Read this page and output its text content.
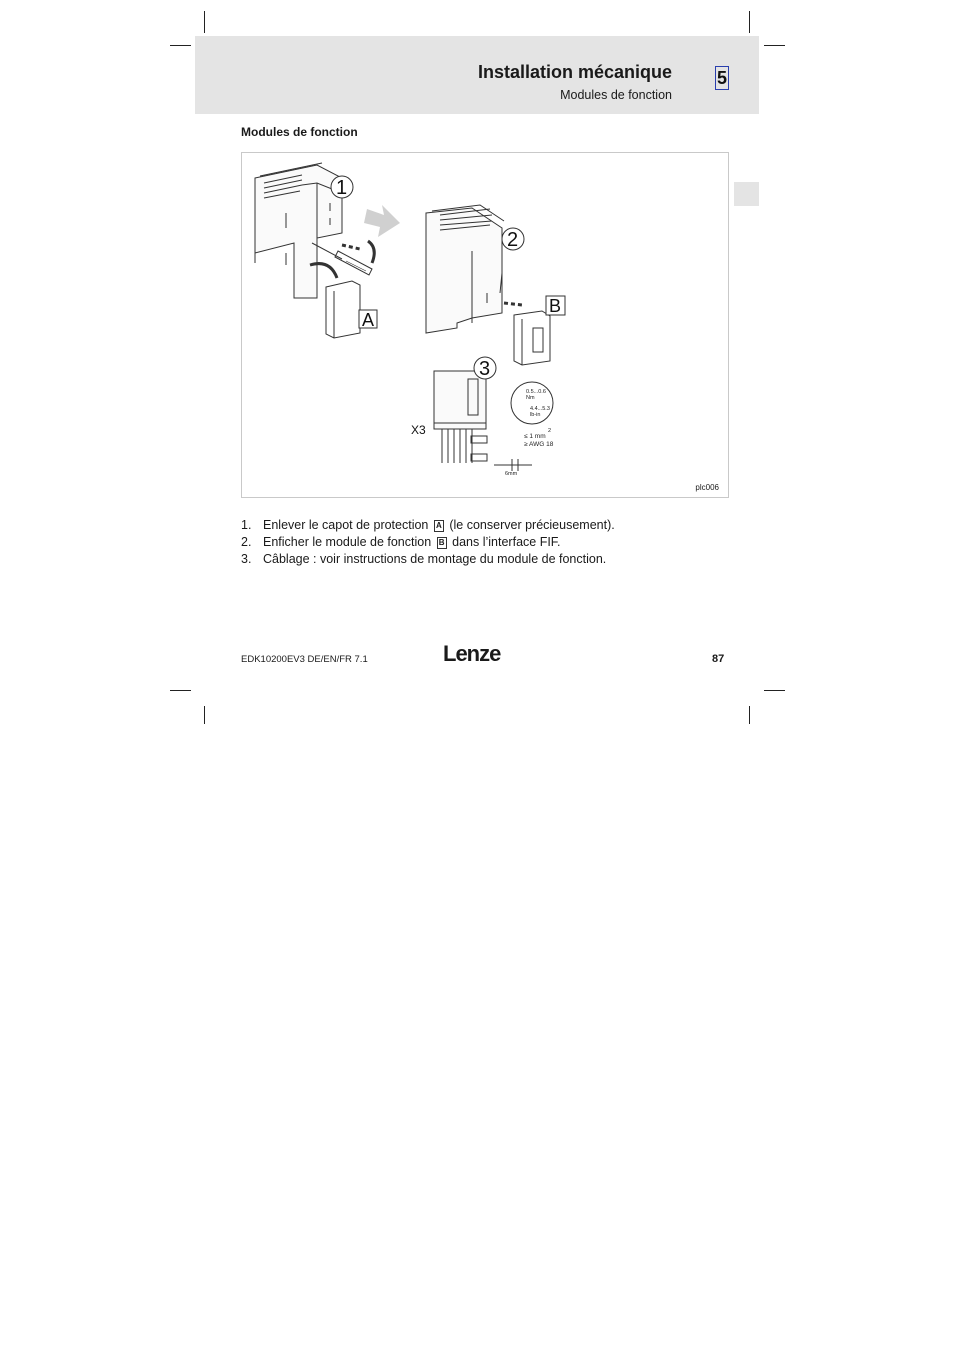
Installation mécanique
Modules de fonction
5
Modules de fonction
1
2
3
A
B
X3
0.5...0.6
Nm
4.4...5.3
lb-in
2
≤ 1 mm
≥ AWG 18
6mm
plc006
1. Enlever le capot de protection A (le conserver précieusement).
2. Enficher le module de fonction B dans l’interface FIF.
3. Câblage : voir instructions de montage du module de fonction.
EDK10200EV3 DE/EN/FR 7.1	Lenze	87
